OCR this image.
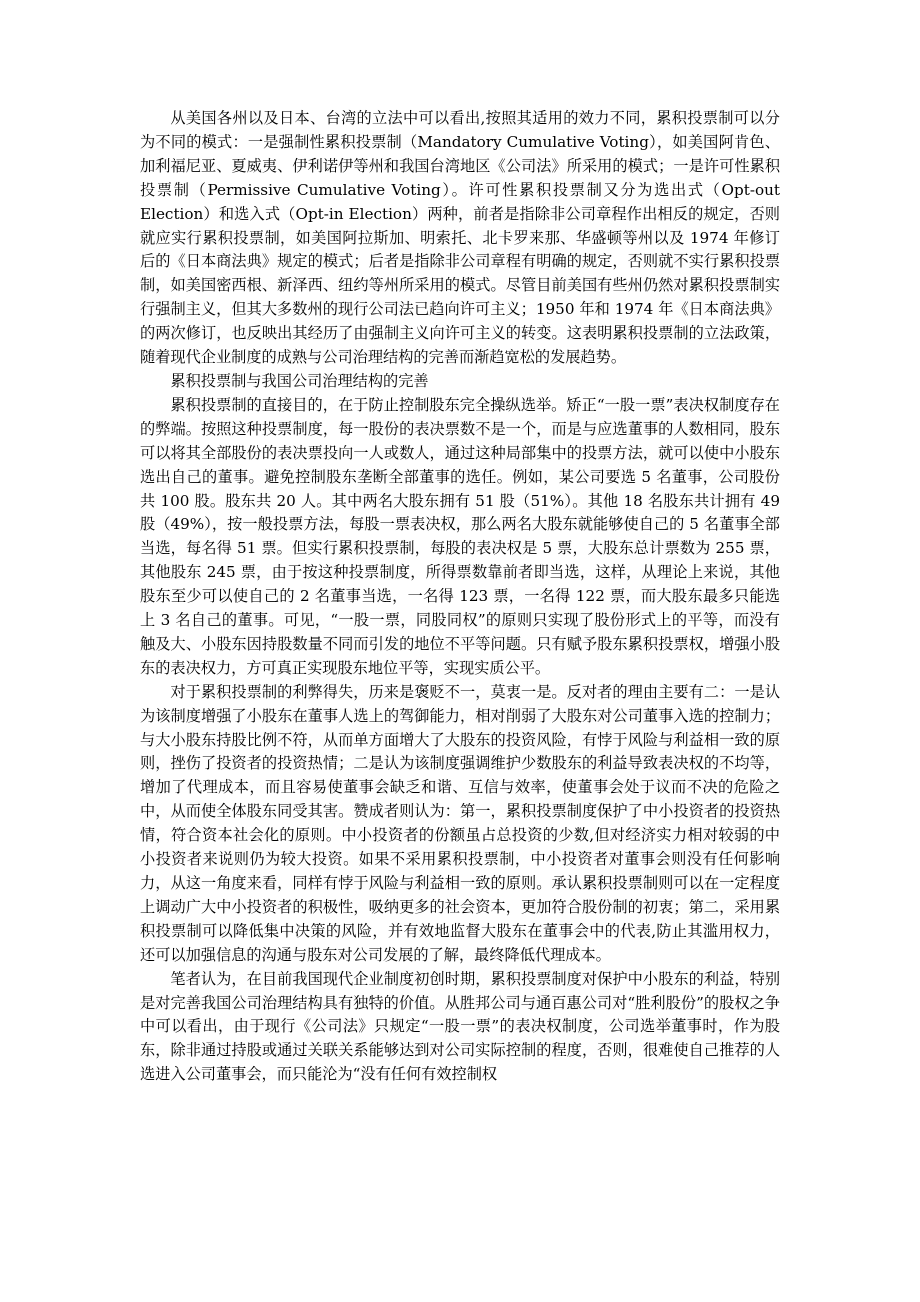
从美国各州以及日本、台湾的立法中可以看出,按照其适用的效力不同，累积投票制可以分为不同的模式：一是强制性累积投票制（Mandatory Cumulative Voting），如美国阿肯色、加利福尼亚、夏威夷、伊利诺伊等州和我国台湾地区《公司法》所采用的模式；一是许可性累积投票制（Permissive Cumulative Voting）。许可性累积投票制又分为选出式（Opt-out Election）和选入式（Opt-in Election）两种，前者是指除非公司章程作出相反的规定，否则就应实行累积投票制，如美国阿拉斯加、明索托、北卡罗来那、华盛顿等州以及 1974 年修订后的《日本商法典》规定的模式；后者是指除非公司章程有明确的规定，否则就不实行累积投票制，如美国密西根、新泽西、纽约等州所采用的模式。尽管目前美国有些州仍然对累积投票制实行强制主义，但其大多数州的现行公司法已趋向许可主义；1950 年和 1974 年《日本商法典》的两次修订，也反映出其经历了由强制主义向许可主义的转变。这表明累积投票制的立法政策，随着现代企业制度的成熟与公司治理结构的完善而渐趋宽松的发展趋势。

累积投票制与我国公司治理结构的完善

累积投票制的直接目的，在于防止控制股东完全操纵选举。矫正“一股一票”表决权制度存在的弊端。按照这种投票制度，每一股份的表决票数不是一个，而是与应选董事的人数相同，股东可以将其全部股份的表决票投向一人或数人，通过这种局部集中的投票方法，就可以使中小股东选出自己的董事。避免控制股东垄断全部董事的选任。例如，某公司要选 5 名董事，公司股份共 100 股。股东共 20 人。其中两名大股东拥有 51 股（51%）。其他 18 名股东共计拥有 49 股（49%），按一般投票方法，每股一票表决权，那么两名大股东就能够使自己的 5 名董事全部当选，每名得 51 票。但实行累积投票制，每股的表决权是 5 票，大股东总计票数为 255 票，其他股东 245 票，由于按这种投票制度，所得票数靠前者即当选，这样，从理论上来说，其他股东至少可以使自己的 2 名董事当选，一名得 123 票，一名得 122 票，而大股东最多只能选上 3 名自己的董事。可见，“一股一票，同股同权”的原则只实现了股份形式上的平等，而没有触及大、小股东因持股数量不同而引发的地位不平等问题。只有赋予股东累积投票权，增强小股东的表决权力，方可真正实现股东地位平等，实现实质公平。

对于累积投票制的利弊得失，历来是褒贬不一，莫衷一是。反对者的理由主要有二：一是认为该制度增强了小股东在董事人选上的驾御能力，相对削弱了大股东对公司董事入选的控制力；与大小股东持股比例不符，从而单方面增大了大股东的投资风险，有悖于风险与利益相一致的原则，挫伤了投资者的投资热情；二是认为该制度强调维护少数股东的利益导致表决权的不均等，增加了代理成本，而且容易使董事会缺乏和谐、互信与效率，使董事会处于议而不决的危险之中，从而使全体股东同受其害。赞成者则认为：第一，累积投票制度保护了中小投资者的投资热情，符合资本社会化的原则。中小投资者的份额虽占总投资的少数,但对经济实力相对较弱的中小投资者来说则仍为较大投资。如果不采用累积投票制，中小投资者对董事会则没有任何影响力，从这一角度来看，同样有悖于风险与利益相一致的原则。承认累积投票制则可以在一定程度上调动广大中小投资者的积极性，吸纳更多的社会资本，更加符合股份制的初衷；第二，采用累积投票制可以降低集中决策的风险，并有效地监督大股东在董事会中的代表,防止其滥用权力，还可以加强信息的沟通与股东对公司发展的了解，最终降低代理成本。

笔者认为，在目前我国现代企业制度初创时期，累积投票制度对保护中小股东的利益，特别是对完善我国公司治理结构具有独特的价值。从胜邦公司与通百惠公司对“胜利股份”的股权之争中可以看出，由于现行《公司法》只规定“一股一票”的表决权制度，公司选举董事时，作为股东，除非通过持股或通过关联关系能够达到对公司实际控制的程度，否则，很难使自己推荐的人选进入公司董事会，而只能沦为“没有任何有效控制权
